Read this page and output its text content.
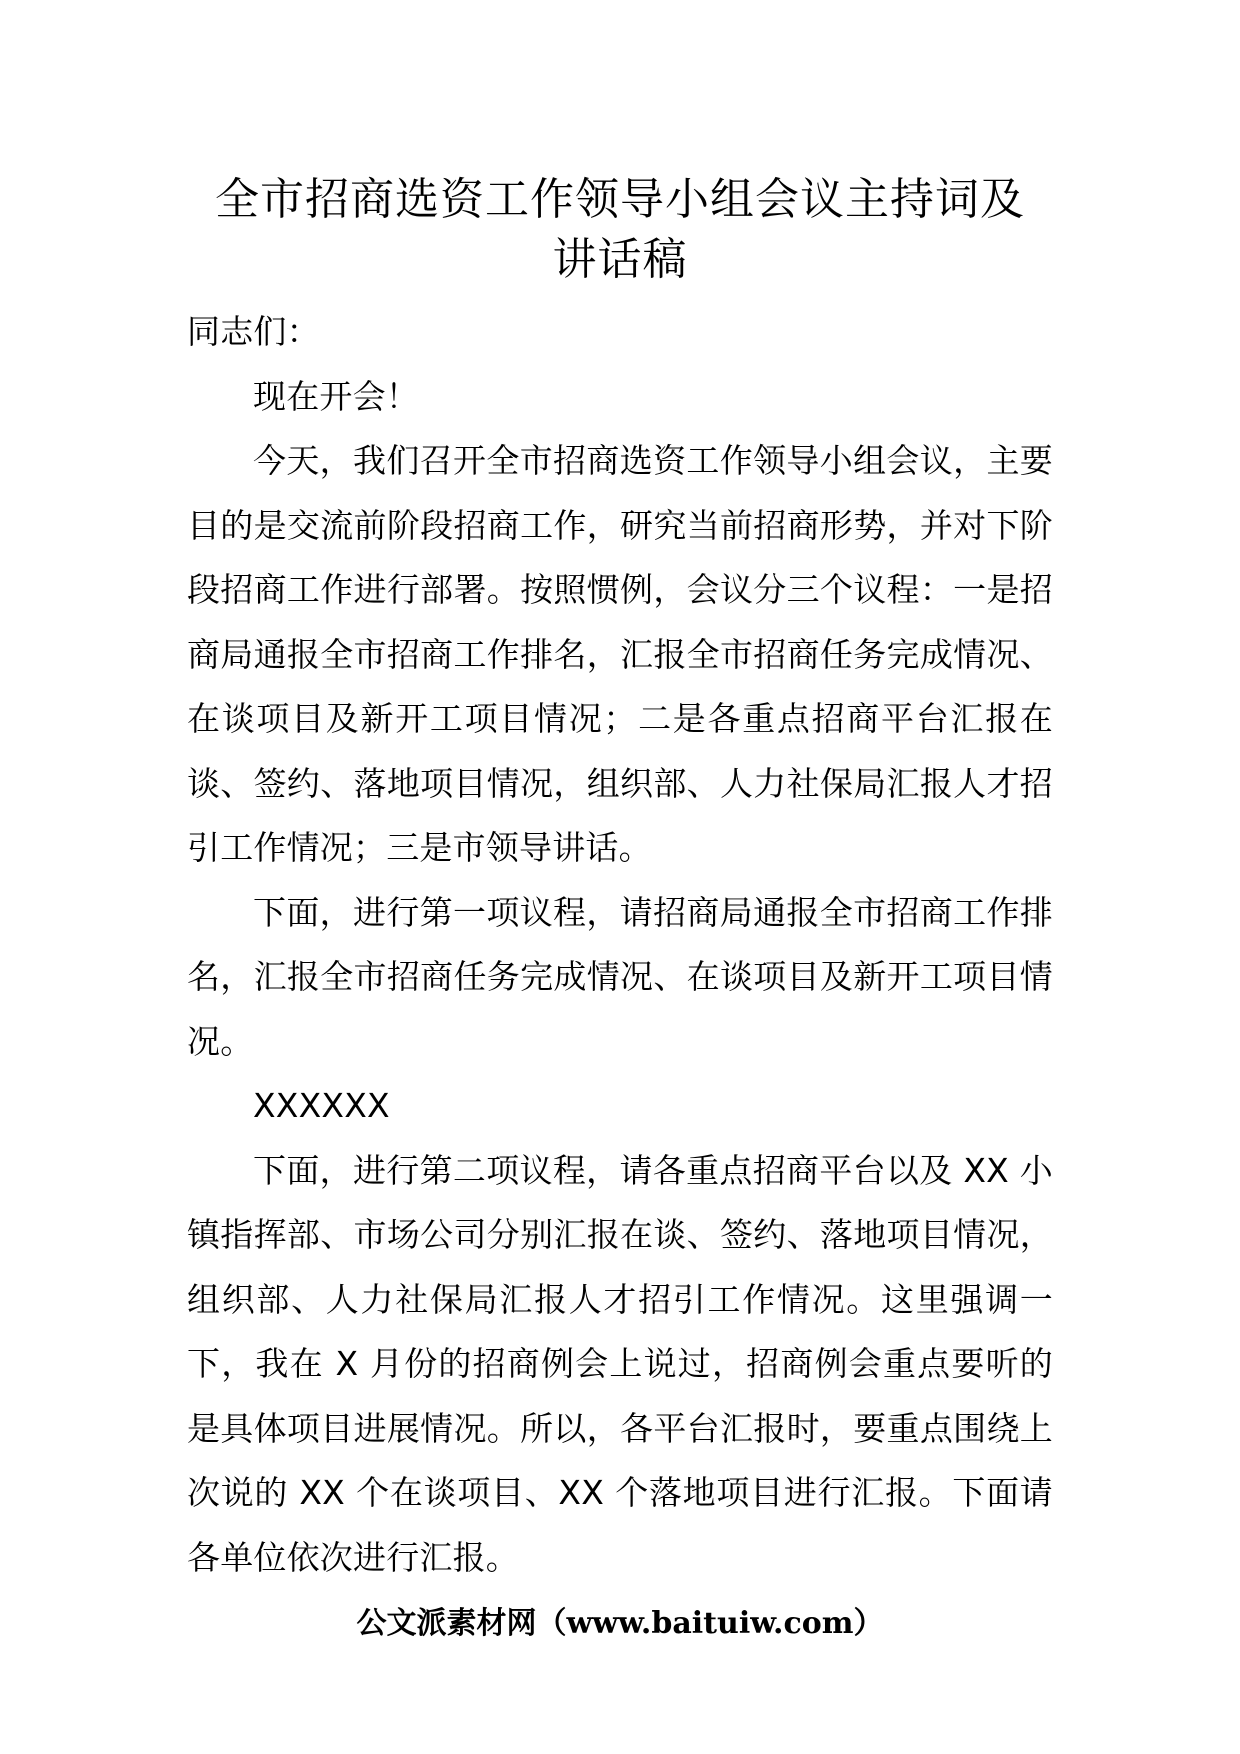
全市招商选资工作领导小组会议主持词及
讲话稿

同志们：

现在开会！

今天，我们召开全市招商选资工作领导小组会议，主要目的是交流前阶段招商工作，研究当前招商形势，并对下阶段招商工作进行部署。按照惯例，会议分三个议程：一是招商局通报全市招商工作排名，汇报全市招商任务完成情况、在谈项目及新开工项目情况；二是各重点招商平台汇报在谈、签约、落地项目情况，组织部、人力社保局汇报人才招引工作情况；三是市领导讲话。

下面，进行第一项议程，请招商局通报全市招商工作排名，汇报全市招商任务完成情况、在谈项目及新开工项目情况。

XXXXXX

下面，进行第二项议程，请各重点招商平台以及 XX 小镇指挥部、市场公司分别汇报在谈、签约、落地项目情况，组织部、人力社保局汇报人才招引工作情况。这里强调一下，我在 X 月份的招商例会上说过，招商例会重点要听的是具体项目进展情况。所以，各平台汇报时，要重点围绕上次说的 XX 个在谈项目、XX 个落地项目进行汇报。下面请各单位依次进行汇报。

公文派素材网（www.baituiw.com）
